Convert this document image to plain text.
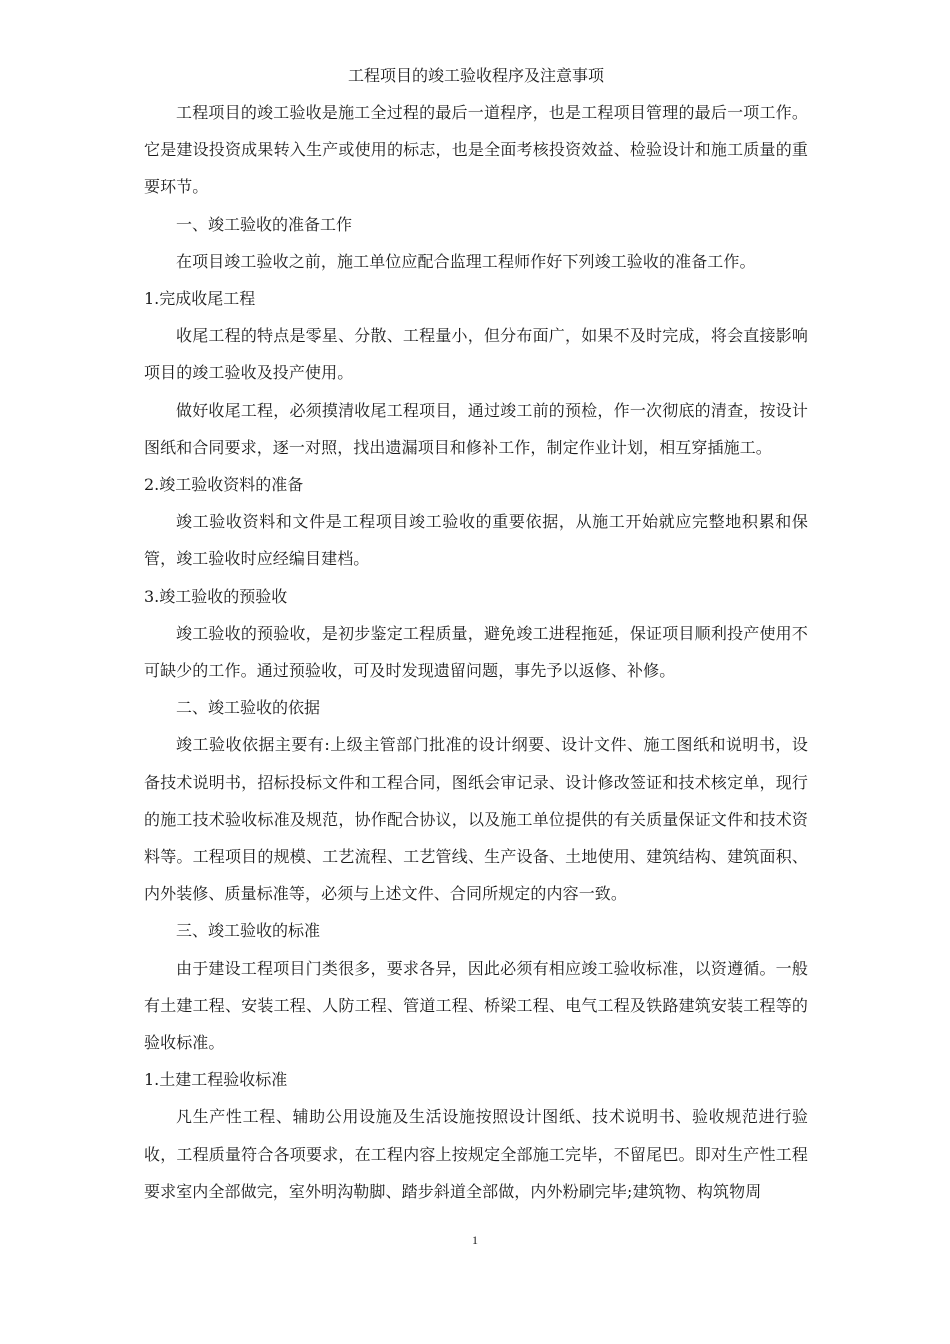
工程项目的竣工验收程序及注意事项

工程项目的竣工验收是施工全过程的最后一道程序，也是工程项目管理的最后一项工作。它是建设投资成果转入生产或使用的标志，也是全面考核投资效益、检验设计和施工质量的重要环节。

一、竣工验收的准备工作

在项目竣工验收之前，施工单位应配合监理工程师作好下列竣工验收的准备工作。

1.完成收尾工程

收尾工程的特点是零星、分散、工程量小，但分布面广，如果不及时完成，将会直接影响项目的竣工验收及投产使用。

做好收尾工程，必须摸清收尾工程项目，通过竣工前的预检，作一次彻底的清查，按设计图纸和合同要求，逐一对照，找出遗漏项目和修补工作，制定作业计划，相互穿插施工。

2.竣工验收资料的准备

竣工验收资料和文件是工程项目竣工验收的重要依据，从施工开始就应完整地积累和保管，竣工验收时应经编目建档。

3.竣工验收的预验收

竣工验收的预验收，是初步鉴定工程质量，避免竣工进程拖延，保证项目顺利投产使用不可缺少的工作。通过预验收，可及时发现遗留问题，事先予以返修、补修。

二、竣工验收的依据

竣工验收依据主要有:上级主管部门批准的设计纲要、设计文件、施工图纸和说明书，设备技术说明书，招标投标文件和工程合同，图纸会审记录、设计修改签证和技术核定单，现行的施工技术验收标准及规范，协作配合协议，以及施工单位提供的有关质量保证文件和技术资料等。工程项目的规模、工艺流程、工艺管线、生产设备、土地使用、建筑结构、建筑面积、内外装修、质量标准等，必须与上述文件、合同所规定的内容一致。

三、竣工验收的标准

由于建设工程项目门类很多，要求各异，因此必须有相应竣工验收标准，以资遵循。一般有土建工程、安装工程、人防工程、管道工程、桥梁工程、电气工程及铁路建筑安装工程等的验收标准。

1.土建工程验收标准

凡生产性工程、辅助公用设施及生活设施按照设计图纸、技术说明书、验收规范进行验收，工程质量符合各项要求，在工程内容上按规定全部施工完毕，不留尾巴。即对生产性工程要求室内全部做完，室外明沟勒脚、踏步斜道全部做，内外粉刷完毕;建筑物、构筑物周

1
